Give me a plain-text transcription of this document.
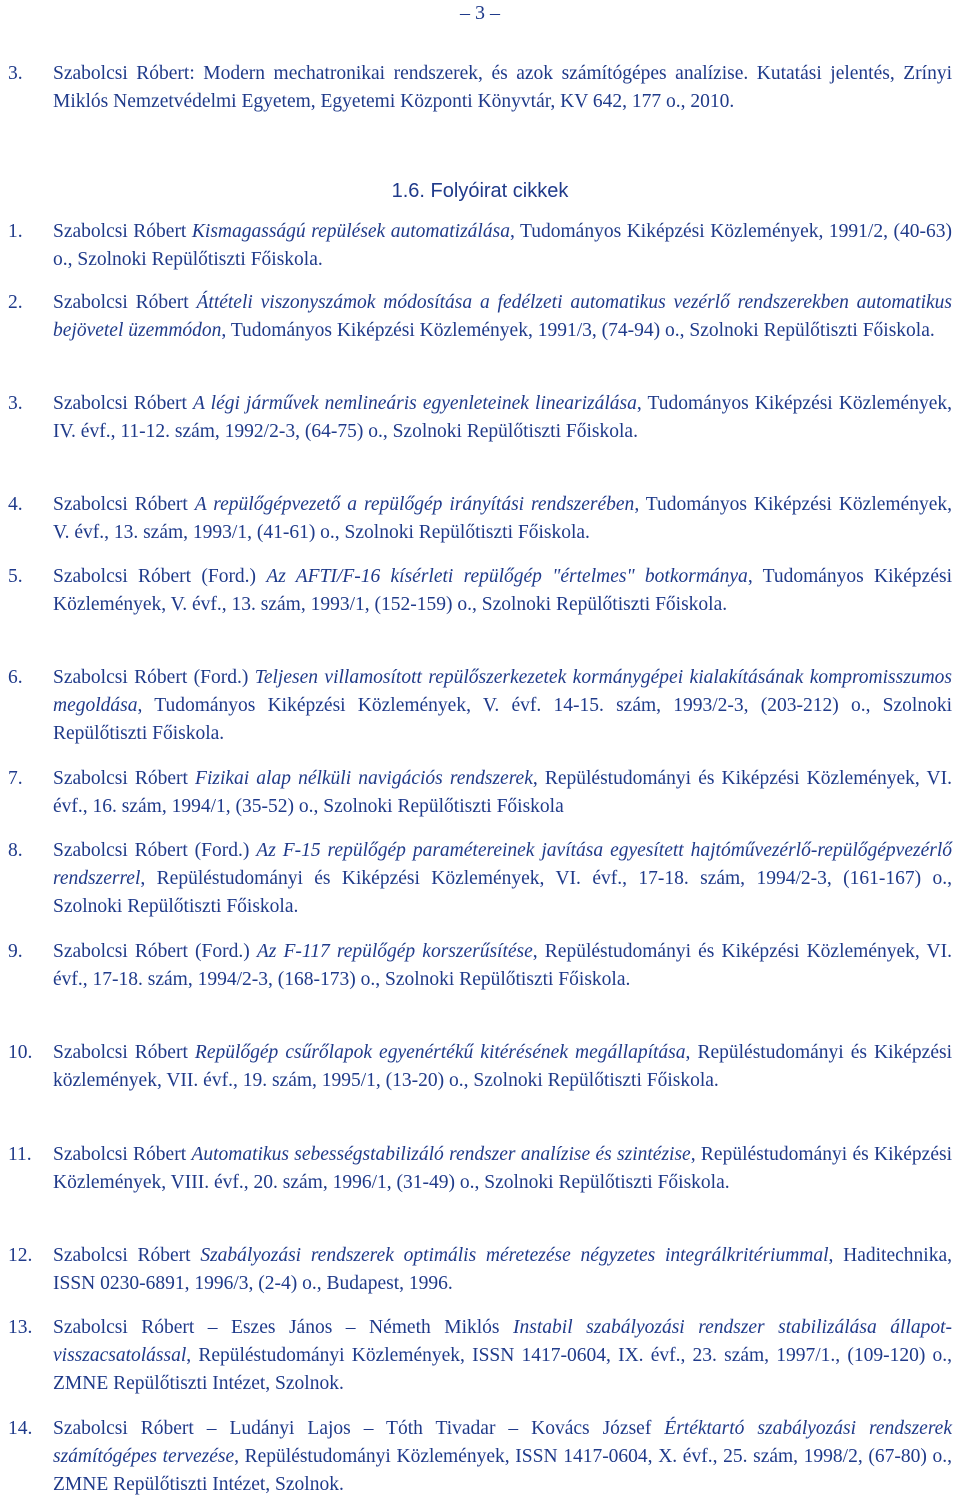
– 3 –
3. Szabolcsi Róbert: Modern mechatronikai rendszerek, és azok számítógépes analízise. Kutatási jelentés, Zrínyi Miklós Nemzetvédelmi Egyetem, Egyetemi Központi Könyvtár, KV 642, 177 o., 2010.
1.6. Folyóirat cikkek
1. Szabolcsi Róbert Kismagasságú repülések automatizálása, Tudományos Kiképzési Közlemények, 1991/2, (40-63) o., Szolnoki Repülőtiszti Főiskola.
2. Szabolcsi Róbert Áttételi viszonyszámok módosítása a fedélzeti automatikus vezérlő rendszerekben automatikus bejövetel üzemmódon, Tudományos Kiképzési Közlemények, 1991/3, (74-94) o., Szolnoki Repülőtiszti Főiskola.
3. Szabolcsi Róbert A légi járművek nemlineáris egyenleteinek linearizálása, Tudományos Kiképzési Közlemények, IV. évf., 11-12. szám, 1992/2-3, (64-75) o., Szolnoki Repülőtiszti Főiskola.
4. Szabolcsi Róbert A repülőgépvezető a repülőgép irányítási rendszerében, Tudományos Kiképzési Közlemények, V. évf., 13. szám, 1993/1, (41-61) o., Szolnoki Repülőtiszti Főiskola.
5. Szabolcsi Róbert (Ford.) Az AFTI/F-16 kísérleti repülőgép "értelmes" botkormánya, Tudományos Kiképzési Közlemények, V. évf., 13. szám, 1993/1, (152-159) o., Szolnoki Repülőtiszti Főiskola.
6. Szabolcsi Róbert (Ford.) Teljesen villamosított repülőszerkezetek kormánygépei kialakításának kompromisszumos megoldása, Tudományos Kiképzési Közlemények, V. évf. 14-15. szám, 1993/2-3, (203-212) o., Szolnoki Repülőtiszti Főiskola.
7. Szabolcsi Róbert Fizikai alap nélküli navigációs rendszerek, Repüléstudományi és Kiképzési Közlemények, VI. évf., 16. szám, 1994/1, (35-52) o., Szolnoki Repülőtiszti Főiskola
8. Szabolcsi Róbert (Ford.) Az F-15 repülőgép paramétereinek javítása egyesített hajtóművezérlő-repülőgépvezérlő rendszerrel, Repüléstudományi és Kiképzési Közlemények, VI. évf., 17-18. szám, 1994/2-3, (161-167) o., Szolnoki Repülőtiszti Főiskola.
9. Szabolcsi Róbert (Ford.) Az F-117 repülőgép korszerűsítése, Repüléstudományi és Kiképzési Közlemények, VI. évf., 17-18. szám, 1994/2-3, (168-173) o., Szolnoki Repülőtiszti Főiskola.
10. Szabolcsi Róbert Repülőgép csűrőlapok egyenértékű kitérésének megállapítása, Repüléstudományi és Kiképzési közlemények, VII. évf., 19. szám, 1995/1, (13-20) o., Szolnoki Repülőtiszti Főiskola.
11. Szabolcsi Róbert Automatikus sebességstabilizáló rendszer analízise és szintézise, Repüléstudományi és Kiképzési Közlemények, VIII. évf., 20. szám, 1996/1, (31-49) o., Szolnoki Repülőtiszti Főiskola.
12. Szabolcsi Róbert Szabályozási rendszerek optimális méretezése négyzetes integrálkritériummal, Haditechnika, ISSN 0230-6891, 1996/3, (2-4) o., Budapest, 1996.
13. Szabolcsi Róbert – Eszes János – Németh Miklós Instabil szabályozási rendszer stabilizálása állapot-visszacsatolással, Repüléstudományi Közlemények, ISSN 1417-0604, IX. évf., 23. szám, 1997/1., (109-120) o., ZMNE Repülőtiszti Intézet, Szolnok.
14. Szabolcsi Róbert – Ludányi Lajos – Tóth Tivadar – Kovács József Értéktartó szabályozási rendszerek számítógépes tervezése, Repüléstudományi Közlemények, ISSN 1417-0604, X. évf., 25. szám, 1998/2, (67-80) o., ZMNE Repülőtiszti Intézet, Szolnok.
